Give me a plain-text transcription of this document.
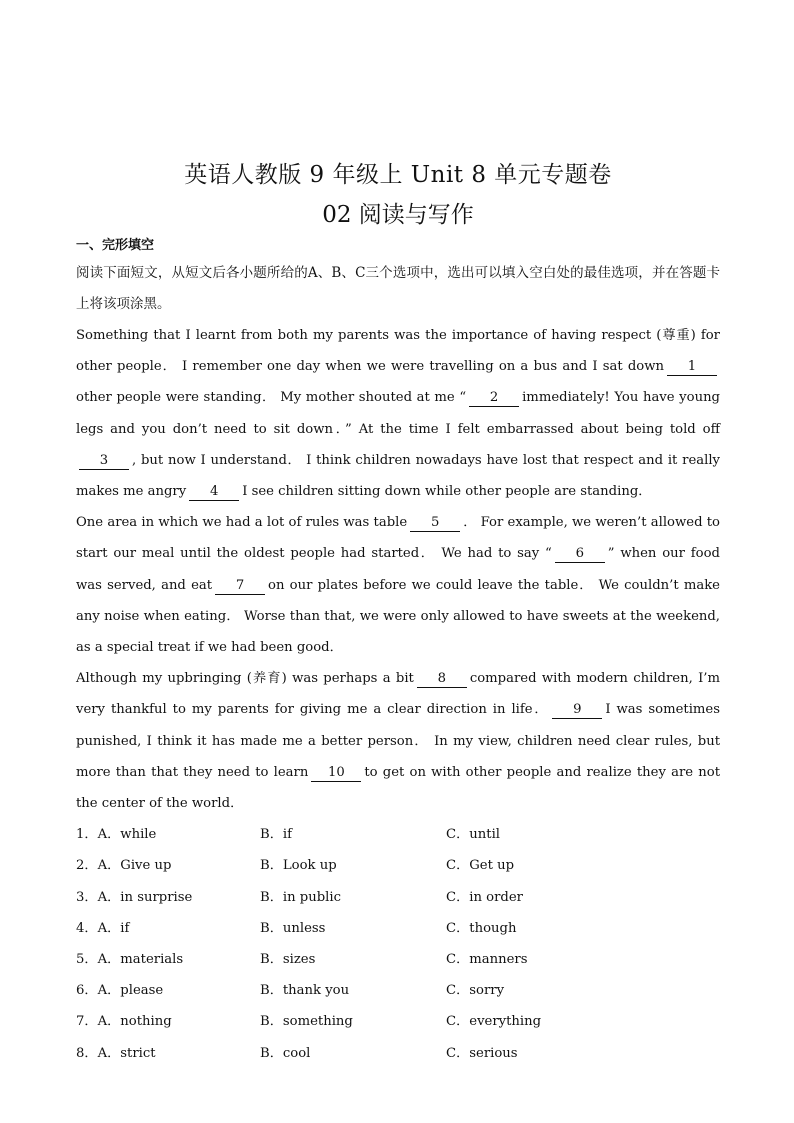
英语人教版 9 年级上 Unit 8 单元专题卷
02 阅读与写作
一、完形填空

阅读下面短文，从短文后各小题所给的A、B、C三个选项中，选出可以填入空白处的最佳选项，并在答题卡上将该项涂黑。

Something that I learnt from both my parents was the importance of having respect (尊重) for other people． I remember one day when we were travelling on a bus and I sat down 1other people were standing． My mother shouted at me “ 2 immediately! You have young legs and you don’t need to sit down．” At the time I felt embarrassed about being told off3 , but now I understand． I think children nowadays have lost that respect and it really makes me angry 4 I see children sitting down while other people are standing．

One area in which we had a lot of rules was table 5 ． For example, we weren’t allowed to start our meal until the oldest people had started． We had to say “ 6 ” when our food was served, and eat 7 on our plates before we could leave the table． We couldn’t make any noise when eating． Worse than that, we were only allowed to have sweets at the weekend, as a special treat if we had been good．

Although my upbringing (养育) was perhaps a bit 8 compared with modern children, I’m very thankful to my parents for giving me a clear direction in life． 9 I was sometimes punished, I think it has made me a better person． In my view, children need clear rules, but more than that they need to learn 10 to get on with other people and realize they are not the center of the world．

1．A．while	B．if	C．until
2．A．Give up	B．Look up	C．Get up
3．A．in surprise	B．in public	C．in order
4．A．if	B．unless	C．though
5．A．materials	B．sizes	C．manners
6．A．please	B．thank you	C．sorry
7．A．nothing	B．something	C．everything
8．A．strict	B．cool	C．serious
